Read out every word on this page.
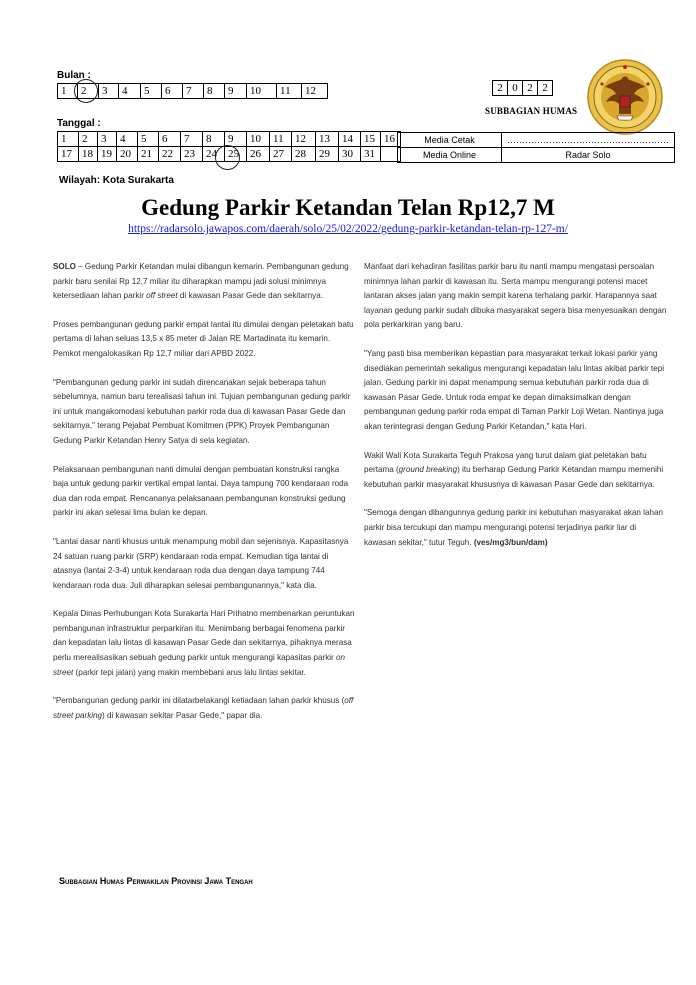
Bulan :
1	2	3	4	5	6	7	8	9	10	11	12
Tanggal :
1	2	3	4	5	6	7	8	9	10	11	12	13	14	15	16
17	18	19	20	21	22	23	24	25	26	27	28	29	30	31	
2	0	2	2
SUBBAGIAN HUMAS
Media Cetak	………………………………………………
Media Online	Radar Solo
Wilayah: Kota Surakarta
Gedung Parkir Ketandan Telan Rp12,7 M
https://radarsolo.jawapos.com/daerah/solo/25/02/2022/gedung-parkir-ketandan-telan-rp-127-m/

SOLO – Gedung Parkir Ketandan mulai dibangun kemarin. Pembangunan gedung parkir baru senilai Rp 12,7 miliar itu diharapkan mampu jadi solusi minimnya ketersediaan lahan parkir off street di kawasan Pasar Gede dan sekitarnya.

Proses pembangunan gedung parkir empat lantai itu dimulai dengan peletakan batu pertama di lahan seluas 13,5 x 85 meter di Jalan RE Martadinata itu kemarin. Pemkot mengalokasikan Rp 12,7 miliar dari APBD 2022.

"Pembangunan gedung parkir ini sudah direncanakan sejak beberapa tahun sebelumnya, namun baru terealisasi tahun ini. Tujuan pembangunan gedung parkir ini untuk mangakomodasi kebutuhan parkir roda dua di kawasan Pasar Gede dan sekitarnya," terang Pejabat Pembuat Komitmen (PPK) Proyek Pembangunan Gedung Parkir Ketandan Henry Satya di sela kegiatan.

Pelaksanaan pembangunan nanti dimulai dengan pembuatan konstruksi rangka baja untuk gedung parkir vertikal empat lantai. Daya tampung 700 kendaraan roda dua dan roda empat. Rencananya pelaksanaan pembangunan konstruksi gedung parkir ini akan selesai lima bulan ke depan.

"Lantai dasar nanti khusus untuk menampung mobil dan sejenisnya. Kapasitasnya 24 satuan ruang parkir (SRP) kendaraan roda empat. Kemudian tiga lantai di atasnya (lantai 2-3-4) untuk kendaraan roda dua dengan daya tampung 744 kendaraan roda dua. Juli diharapkan selesai pembangunannya," kata dia.

Kepala Dinas Perhubungan Kota Surakarta Hari Prihatno membenarkan peruntukan pembangunan infrastruktur perparkiran itu. Menimbang berbagai fenomena parkir dan kepadatan lalu lintas di kasawan Pasar Gede dan sekitarnya, pihaknya merasa perlu merealisasikan sebuah gedung parkir untuk mengurangi kapasitas parkir on street (parkir tepi jalan) yang makin membebani arus lalu lintas sekitar.

"Pembangunan gedung parkir ini dilatarbelakangi ketiadaan lahan parkir khusus (off street parking) di kawasan sekitar Pasar Gede," papar dia.

Manfaat dari kehadiran fasilitas parkir baru itu nanti mampu mengatasi persoalan minimnya lahan parkir di kawasan itu. Serta mampu mengurangi potensi macet lantaran akses jalan yang makin sempit karena terhalang parkir. Harapannya saat layanan gedung parkir sudah dibuka masyarakat segera bisa menyesuaikan dengan pola perkarkiran yang baru.

"Yang pasti bisa memberikan kepastian para masyarakat terkait lokasi parkir yang disediakan pemerintah sekaligus mengurangi kepadatan lalu lintas akibat parkir tepi jalan. Gedung parkir ini dapat menampung semua kebutuhan parkir roda dua di kawasan Pasar Gede. Untuk roda empat ke depan dimaksimalkan dengan pembangunan gedung parkir roda empat di Taman Parkir Loji Wetan. Nantinya juga akan terintegrasi dengan Gedung Parkir Ketandan," kata Hari.

Wakil Wali Kota Surakarta Teguh Prakosa yang turut dalam giat peletakan batu pertama (ground breaking) itu berharap Gedung Parkir Ketandan mampu memenihi kebutuhan parkir masyarakat khususnya di kawasan Pasar Gede dan sekitarnya.

"Semoga dengan dibangunnya gedung parkir ini kebutuhan masyarakat akan lahan parkir bisa tercukupi dan mampu mengurangi potensi terjadinya parkir liar di kawasan sekitar," tutur Teguh. (ves/mg3/bun/dam)

Subbagian Humas Perwakilan Provinsi Jawa Tengah
